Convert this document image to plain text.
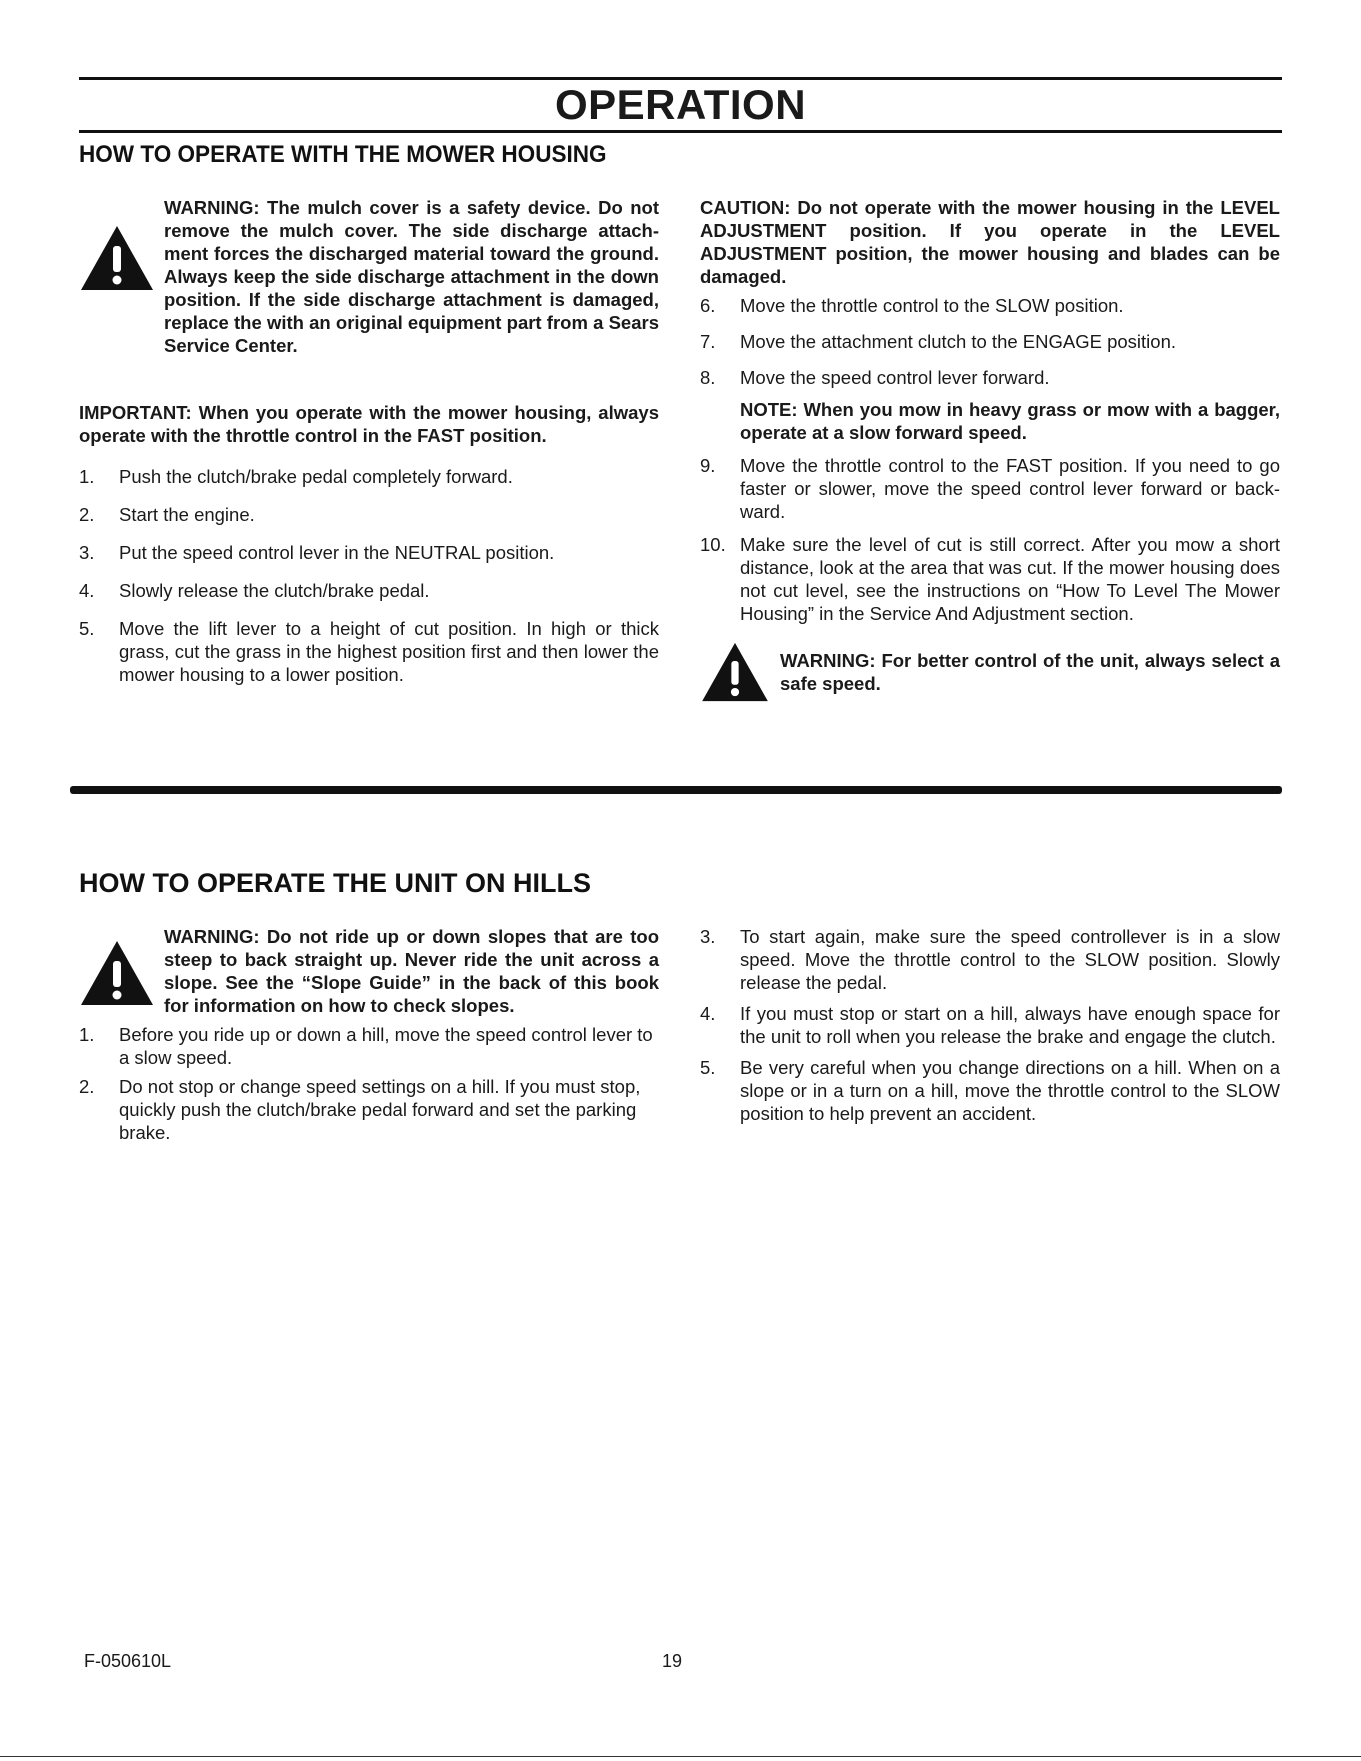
OPERATION
HOW TO OPERATE WITH THE MOWER HOUSING
WARNING: The mulch cover is a safety device. Do not remove the mulch cover. The side discharge attach- ment forces the discharged material toward the ground. Always keep the side discharge attachment in the down position. If the side discharge attachment is damaged, replace the with an original equipment part from a Sears Service Center.
IMPORTANT: When you operate with the mower housing, always operate with the throttle control in the FAST position.
1. Push the clutch/brake pedal completely forward.
2. Start the engine.
3. Put the speed control lever in the NEUTRAL position.
4. Slowly release the clutch/brake pedal.
5. Move the lift lever to a height of cut position. In high or thick grass, cut the grass in the highest position first and then lower the mower housing to a lower position.
CAUTION: Do not operate with the mower housing in the LEVEL ADJUSTMENT position. If you operate in the LEVEL ADJUSTMENT position, the mower housing and blades can be damaged.
6. Move the throttle control to the SLOW position.
7. Move the attachment clutch to the ENGAGE position.
8. Move the speed control lever forward.
NOTE: When you mow in heavy grass or mow with a bagger, operate at a slow forward speed.
9. Move the throttle control to the FAST position. If you need to go faster or slower, move the speed control lever forward or back- ward.
10. Make sure the level of cut is still correct. After you mow a short distance, look at the area that was cut. If the mower housing does not cut level, see the instructions on “How To Level The Mower Housing” in the Service And Adjustment section.
WARNING: For better control of the unit, always select a safe speed.
HOW TO OPERATE THE UNIT ON HILLS
WARNING: Do not ride up or down slopes that are too steep to back straight up. Never ride the unit across a slope. See the “Slope Guide” in the back of this book for information on how to check slopes.
1. Before you ride up or down a hill, move the speed control lever to a slow speed.
2. Do not stop or change speed settings on a hill. If you must stop, quickly push the clutch/brake pedal forward and set the parking brake.
3. To start again, make sure the speed controllever is in a slow speed. Move the throttle control to the SLOW position. Slowly release the pedal.
4. If you must stop or start on a hill, always have enough space for the unit to roll when you release the brake and engage the clutch.
5. Be very careful when you change directions on a hill. When on a slope or in a turn on a hill, move the throttle control to the SLOW position to help prevent an accident.
F-050610L	19
